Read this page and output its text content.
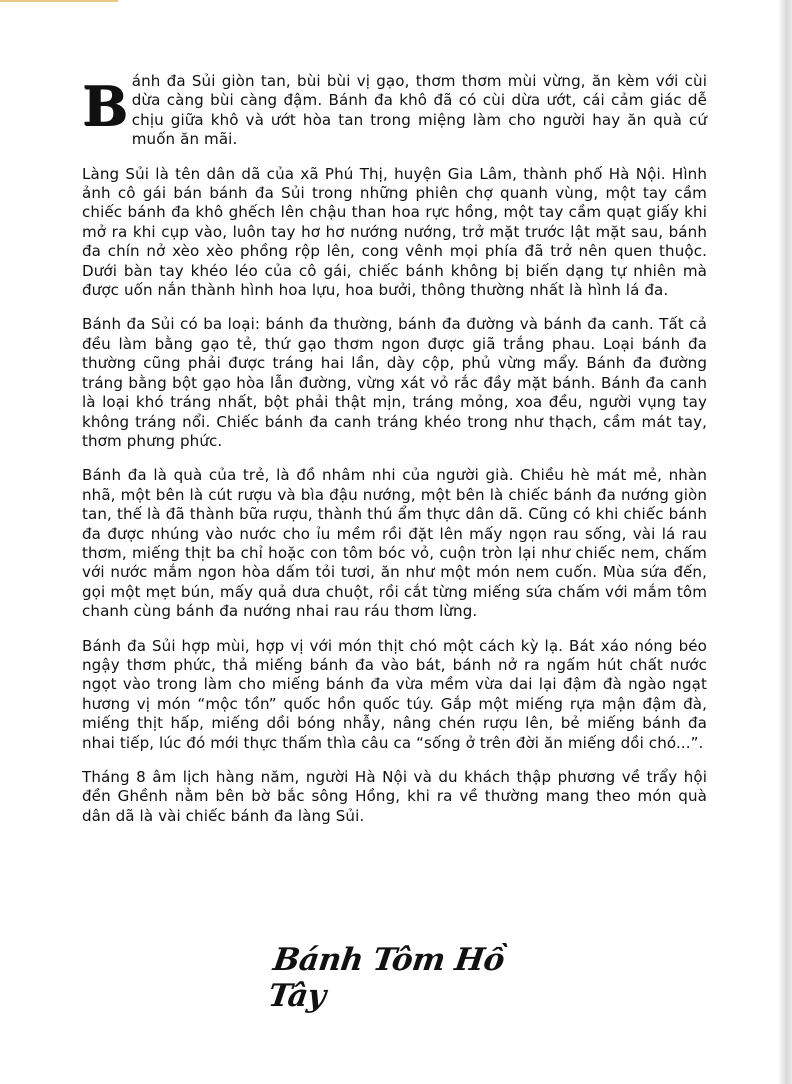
Bánh đa Sủi giòn tan, bùi bùi vị gạo, thơm thơm mùi vừng, ăn kèm với cùi dừa càng bùi càng đậm. Bánh đa khô đã có cùi dừa ướt, cái cảm giác dễ chịu giữa khô và ướt hòa tan trong miệng làm cho người hay ăn quà cứ muốn ăn mãi.

Làng Sủi là tên dân dã của xã Phú Thị, huyện Gia Lâm, thành phố Hà Nội. Hình ảnh cô gái bán bánh đa Sủi trong những phiên chợ quanh vùng, một tay cầm chiếc bánh đa khô ghếch lên chậu than hoa rực hồng, một tay cầm quạt giấy khi mở ra khi cụp vào, luôn tay hơ hơ nướng nướng, trở mặt trước lật mặt sau, bánh đa chín nở xèo xèo phồng rộp lên, cong vênh mọi phía đã trở nên quen thuộc. Dưới bàn tay khéo léo của cô gái, chiếc bánh không bị biến dạng tự nhiên mà được uốn nắn thành hình hoa lựu, hoa bưởi, thông thường nhất là hình lá đa.

Bánh đa Sủi có ba loại: bánh đa thường, bánh đa đường và bánh đa canh. Tất cả đều làm bằng gạo tẻ, thứ gạo thơm ngon được giã trắng phau. Loại bánh đa thường cũng phải được tráng hai lần, dày cộp, phủ vừng mẩy. Bánh đa đường tráng bằng bột gạo hòa lẫn đường, vừng xát vỏ rắc đầy mặt bánh. Bánh đa canh là loại khó tráng nhất, bột phải thật mịn, tráng mỏng, xoa đều, người vụng tay không tráng nổi. Chiếc bánh đa canh tráng khéo trong như thạch, cầm mát tay, thơm phưng phức.

Bánh đa là quà của trẻ, là đồ nhâm nhi của người già. Chiều hè mát mẻ, nhàn nhã, một bên là cút rượu và bìa đậu nướng, một bên là chiếc bánh đa nướng giòn tan, thế là đã thành bữa rượu, thành thú ẩm thực dân dã. Cũng có khi chiếc bánh đa được nhúng vào nước cho ỉu mềm rồi đặt lên mấy ngọn rau sống, vài lá rau thơm, miếng thịt ba chỉ hoặc con tôm bóc vỏ, cuộn tròn lại như chiếc nem, chấm với nước mắm ngon hòa dấm tỏi tươi, ăn như một món nem cuốn. Mùa sứa đến, gọi một mẹt bún, mấy quả dưa chuột, rồi cắt từng miếng sứa chấm với mắm tôm chanh cùng bánh đa nướng nhai rau ráu thơm lừng.

Bánh đa Sủi hợp mùi, hợp vị với món thịt chó một cách kỳ lạ. Bát xáo nóng béo ngậy thơm phức, thả miếng bánh đa vào bát, bánh nở ra ngấm hút chất nước ngọt vào trong làm cho miếng bánh đa vừa mềm vừa dai lại đậm đà ngào ngạt hương vị món “mộc tồn” quốc hồn quốc túy. Gắp một miếng rựa mận đậm đà, miếng thịt hấp, miếng dồi bóng nhẫy, nâng chén rượu lên, bẻ miếng bánh đa nhai tiếp, lúc đó mới thực thấm thìa câu ca “sống ở trên đời ăn miếng dồi chó...”.

Tháng 8 âm lịch hàng năm, người Hà Nội và du khách thập phương về trẩy hội đền Ghềnh nằm bên bờ bắc sông Hồng, khi ra về thường mang theo món quà dân dã là vài chiếc bánh đa làng Sủi.

Bánh Tôm Hồ Tây
